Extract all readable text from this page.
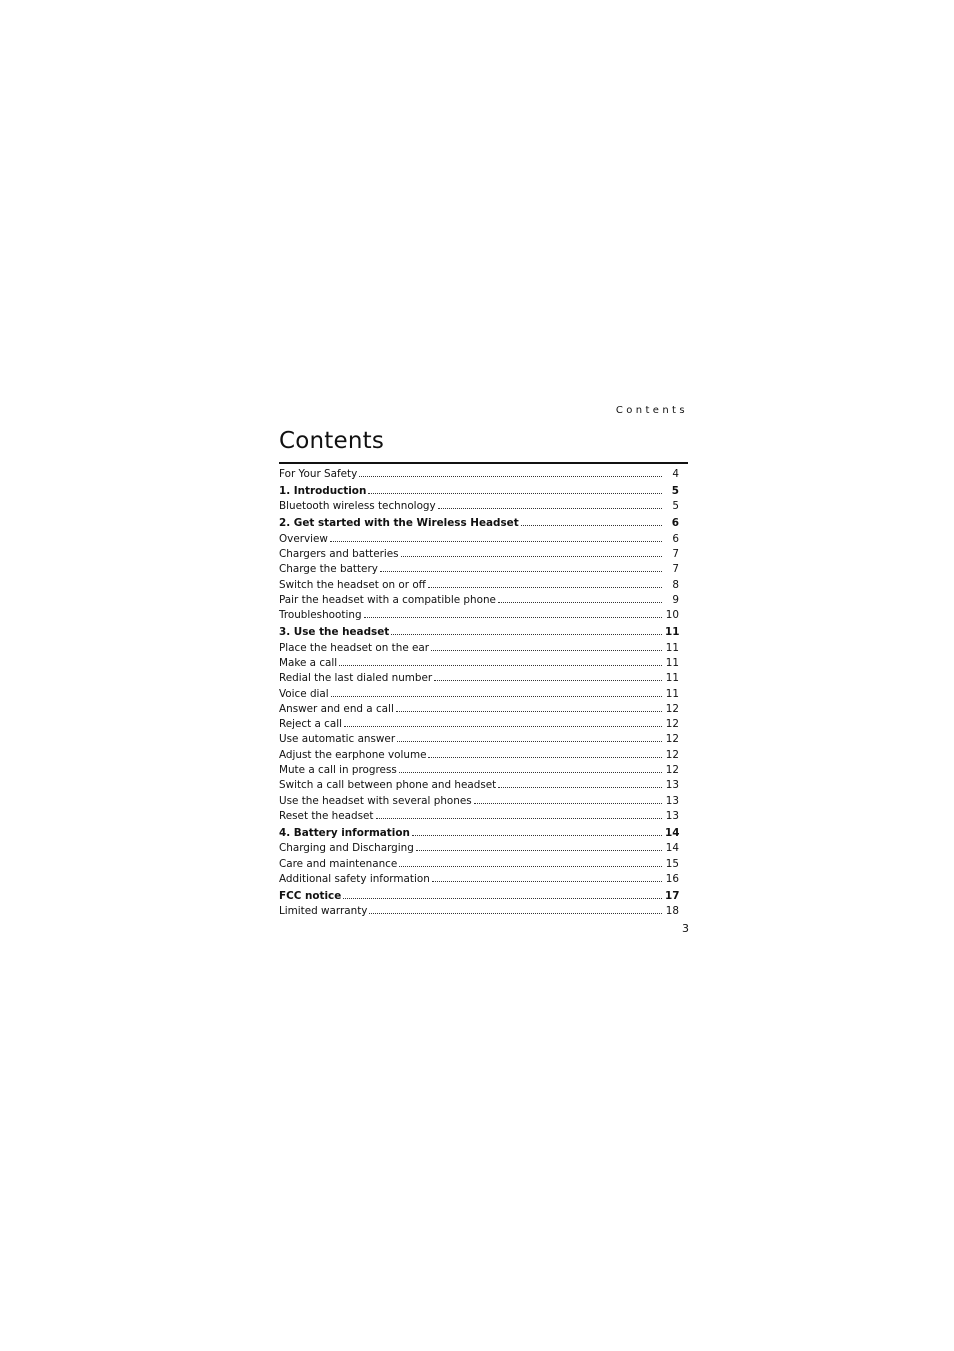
Contents
Contents
For Your Safety	4
1. Introduction	5
Bluetooth wireless technology	5
2. Get started with the Wireless Headset	6
Overview	6
Chargers and batteries	7
Charge the battery	7
Switch the headset on or off	8
Pair the headset with a compatible phone	9
Troubleshooting	10
3. Use the headset	11
Place the headset on the ear	11
Make a call	11
Redial the last dialed number	11
Voice dial	11
Answer and end a call	12
Reject a call	12
Use automatic answer	12
Adjust the earphone volume	12
Mute a call in progress	12
Switch a call between phone and headset	13
Use the headset with several phones	13
Reset the headset	13
4. Battery information	14
Charging and Discharging	14
Care and maintenance	15
Additional safety information	16
FCC notice	17
Limited warranty	18
3
